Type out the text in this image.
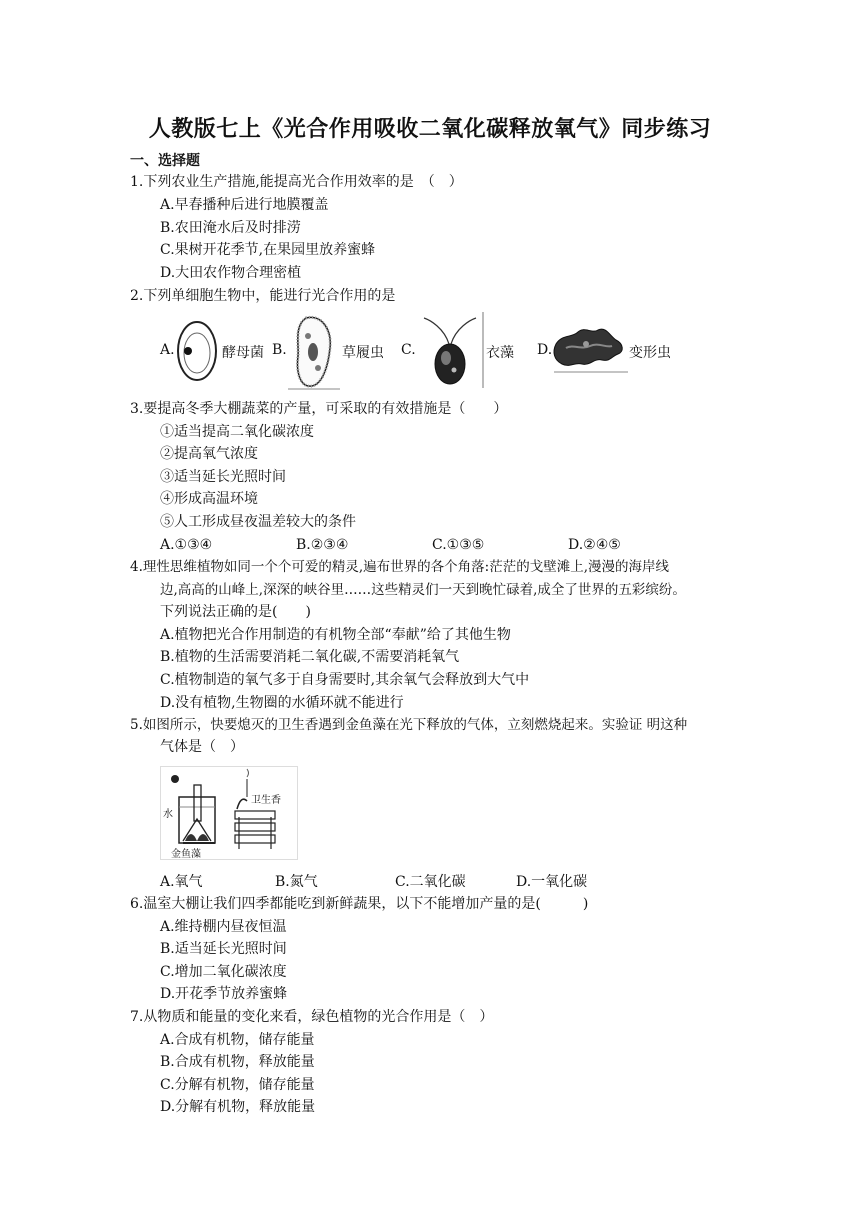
人教版七上《光合作用吸收二氧化碳释放氧气》同步练习
一、选择题
1.下列农业生产措施,能提高光合作用效率的是　（　）
A.早春播种后进行地膜覆盖
B.农田淹水后及时排涝
C.果树开花季节,在果园里放养蜜蜂
D.大田农作物合理密植
2.下列单细胞生物中，能进行光合作用的是
A.	酵母菌 B.	草履虫 C.	衣藻 D.	变形虫
3.要提高冬季大棚蔬菜的产量，可采取的有效措施是（　　）
①适当提高二氧化碳浓度
②提高氧气浓度
③适当延长光照时间
④形成高温环境
⑤人工形成昼夜温差较大的条件
A.①③④	B.②③④	C.①③⑤	D.②④⑤
4.理性思维植物如同一个个可爱的精灵,遍布世界的各个角落:茫茫的戈壁滩上,漫漫的海岸线
边,高高的山峰上,深深的峡谷里……这些精灵们一天到晚忙碌着,成全了世界的五彩缤纷。
下列说法正确的是(　　)
A.植物把光合作用制造的有机物全部“奉献”给了其他生物
B.植物的生活需要消耗二氧化碳,不需要消耗氧气
C.植物制造的氧气多于自身需要时,其余氧气会释放到大气中
D.没有植物,生物圈的水循环就不能进行
5.如图所示，快要熄灭的卫生香遇到金鱼藻在光下释放的气体，立刻燃烧起来。实验证 明这种
气体是（　）
水
卫生香
金鱼藻
A.氧气	B.氮气	C.二氧化碳	D.一氧化碳
6.温室大棚让我们四季都能吃到新鲜蔬果，以下不能增加产量的是(　　　)
A.维持棚内昼夜恒温
B.适当延长光照时间
C.增加二氧化碳浓度
D.开花季节放养蜜蜂
7.从物质和能量的变化来看，绿色植物的光合作用是（　）
A.合成有机物，储存能量
B.合成有机物，释放能量
C.分解有机物，储存能量
D.分解有机物，释放能量
